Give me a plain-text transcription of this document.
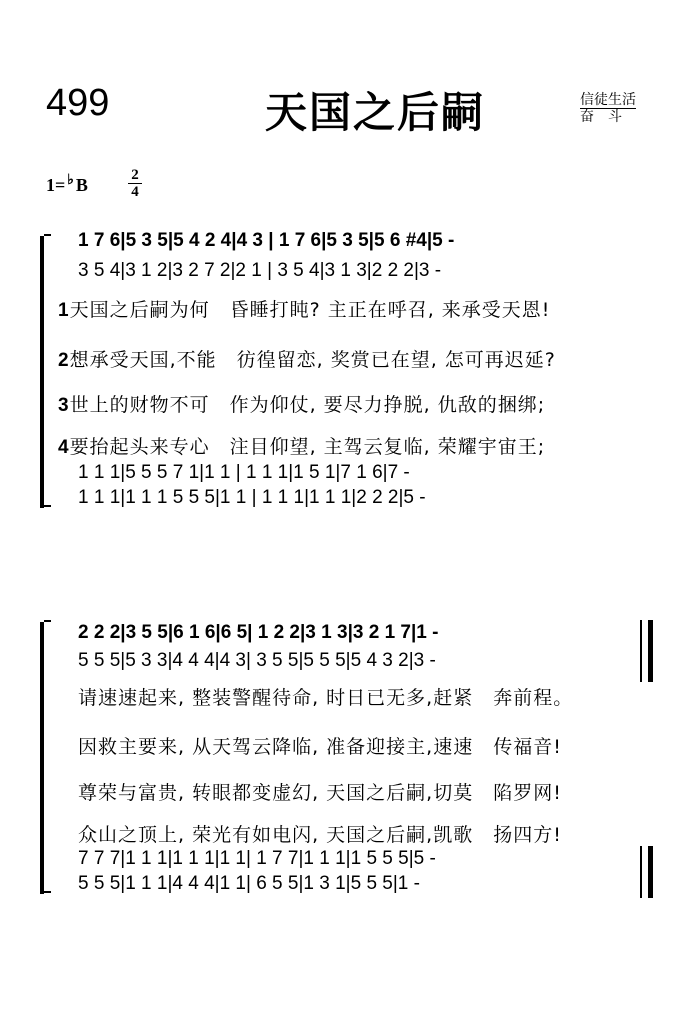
499	天国之后嗣	信徒生活
奋　斗
1= ♭ B	2
4
1 7 6|5 3 5|5 4 2 4|4 3 | 1 7 6|5 3 5|5 6 #4|5 -
3 5 4|3 1 2|3 2 7 2|2 1 | 3 5 4|3 1 3|2 2 2|3 -
1天国之后嗣为何　昏睡打盹? 主正在呼召, 来承受天恩!
2想承受天国,不能　彷徨留恋, 奖赏已在望, 怎可再迟延?
3世上的财物不可　作为仰仗, 要尽力挣脱, 仇敌的捆绑;
4要抬起头来专心　注目仰望, 主驾云复临, 荣耀宇宙王;
1 1 1|5 5 5 7 1|1 1 | 1 1 1|1 5 1|7 1 6|7 -
1 1 1|1 1 1 5 5 5|1 1 | 1 1 1|1 1 1|2 2 2|5 -
2 2 2|3 5 5|6 1 6|6 5| 1 2 2|3 1 3|3 2 1 7|1 -
5 5 5|5 3 3|4 4 4|4 3| 3 5 5|5 5 5|5 4 3 2|3 -
请速速起来, 整装警醒待命, 时日已无多,赶紧　奔前程。
因救主要来, 从天驾云降临, 准备迎接主,速速　传福音!
尊荣与富贵, 转眼都变虚幻, 天国之后嗣,切莫　陷罗网!
众山之顶上, 荣光有如电闪, 天国之后嗣,凯歌　扬四方!
7 7 7|1 1 1|1 1 1|1 1| 1 7 7|1 1 1|1 5 5 5|5 -
5 5 5|1 1 1|4 4 4|1 1| 6 5 5|1 3 1|5 5 5|1 -
